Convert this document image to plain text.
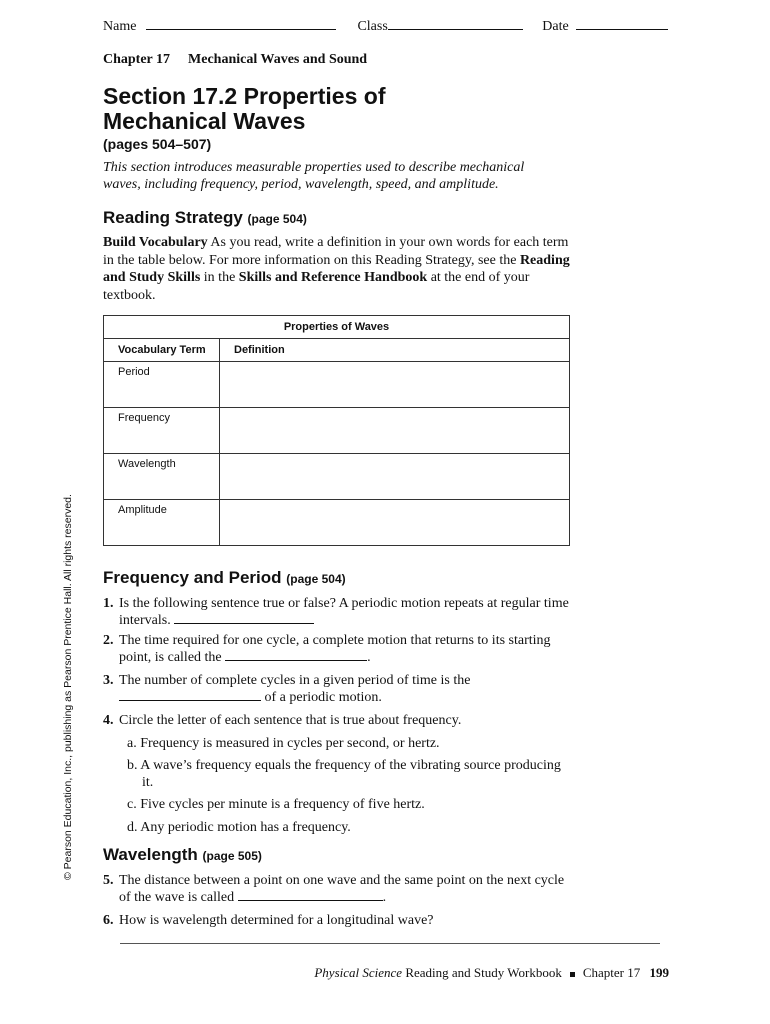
Name	Class	Date
Chapter 17 Mechanical Waves and Sound
Section 17.2 Properties of
Mechanical Waves
(pages 504–507)
This section introduces measurable properties used to describe mechanical waves, including frequency, period, wavelength, speed, and amplitude.
Reading Strategy (page 504)
Build Vocabulary As you read, write a definition in your own words for each term in the table below. For more information on this Reading Strategy, see the Reading and Study Skills in the Skills and Reference Handbook at the end of your textbook.
Properties of Waves	
Vocabulary Term	Definition
Period	
Frequency	
Wavelength	
Amplitude	
© Pearson Education, Inc., publishing as Pearson Prentice Hall. All rights reserved. Frequency and Period (page 504)
1. Is the following sentence true or false? A periodic motion repeats at regular time intervals.
2. The time required for one cycle, a complete motion that returns to its starting point, is called the	.
3. The number of complete cycles in a given period of time is the
of a periodic motion.
4. Circle the letter of each sentence that is true about frequency.
a. Frequency is measured in cycles per second, or hertz.
b. A wave’s frequency equals the frequency of the vibrating source producing it.
c. Five cycles per minute is a frequency of five hertz.
d. Any periodic motion has a frequency.
Wavelength (page 505)
5. The distance between a point on one wave and the same point on the next cycle of the wave is called	.
6. How is wavelength determined for a longitudinal wave?
Physical Science Reading and Study Workbook Chapter 17 199
